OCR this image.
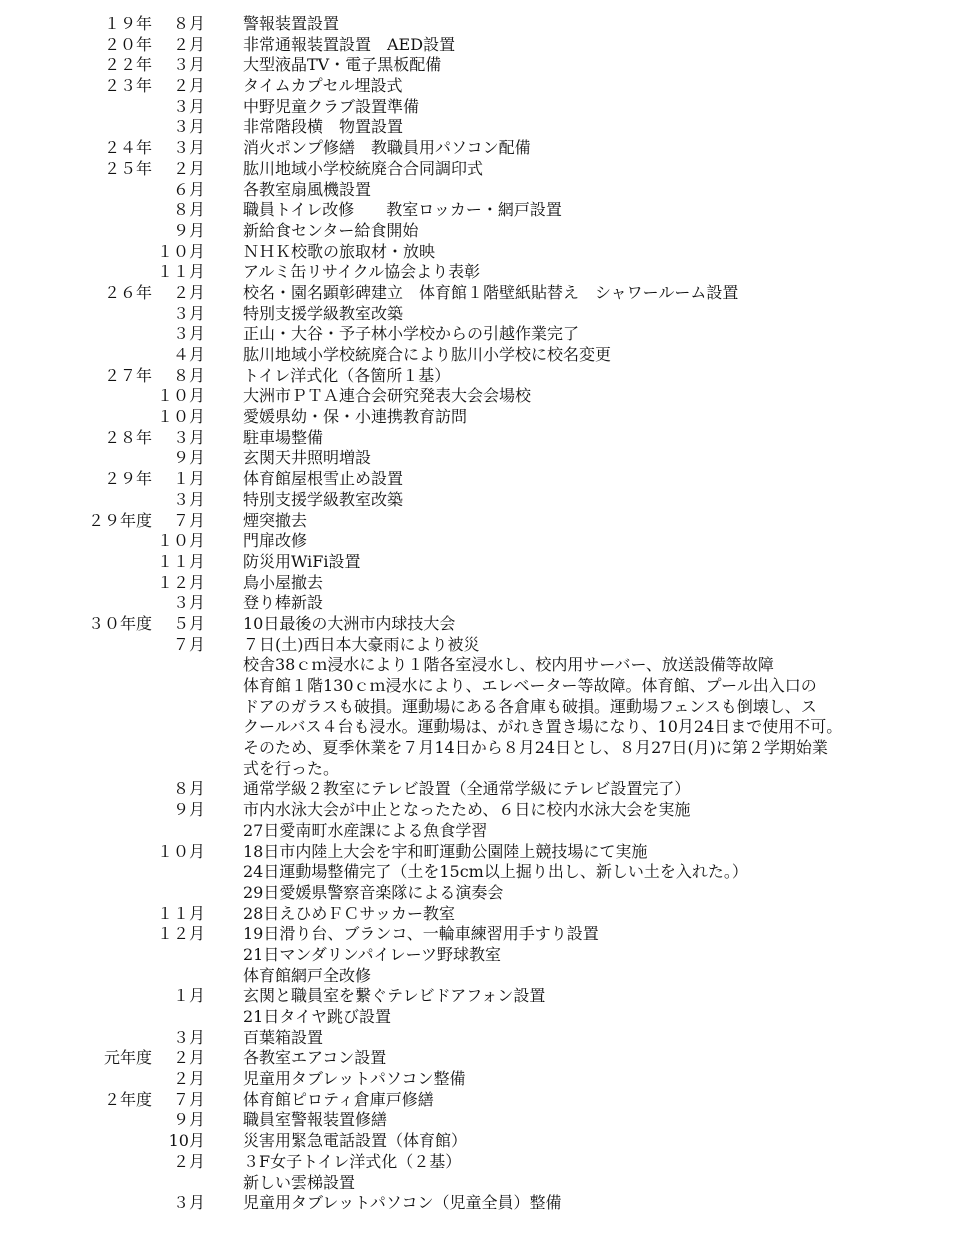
１９年	８月 警報装置設置
２０年	２月 非常通報装置設置　AED設置
２２年	３月 大型液晶TV・電子黒板配備
２３年	２月 タイムカプセル埋設式
３月 中野児童クラブ設置準備
３月 非常階段横　物置設置
２４年	３月 消火ポンプ修繕　教職員用パソコン配備
２５年	２月 肱川地域小学校統廃合合同調印式
６月 各教室扇風機設置
８月 職員トイレ改修　　教室ロッカー・網戸設置
９月 新給食センター給食開始
１０月 ＮＨＫ校歌の旅取材・放映
１１月 アルミ缶リサイクル協会より表彰
２６年	２月 校名・園名顕彰碑建立　体育館１階壁紙貼替え　シャワールーム設置
３月 特別支援学級教室改築
３月 正山・大谷・予子林小学校からの引越作業完了
４月 肱川地域小学校統廃合により肱川小学校に校名変更
２７年	８月 トイレ洋式化（各箇所１基）
１０月 大洲市ＰＴＡ連合会研究発表大会会場校
１０月 愛媛県幼・保・小連携教育訪問
２８年	３月 駐車場整備
９月 玄関天井照明増設
２９年	１月 体育館屋根雪止め設置
３月 特別支援学級教室改築
２９年度	７月 煙突撤去
１０月 門扉改修
１１月 防災用WiFi設置
１２月 鳥小屋撤去
３月 登り棒新設
３０年度	５月 10日最後の大洲市内球技大会
７月 ７日(土)西日本大豪雨により被災
校舎38ｃｍ浸水により１階各室浸水し、校内用サーバー、放送設備等故障
体育館１階130ｃｍ浸水により、エレベーター等故障。体育館、プール出入口の
ドアのガラスも破損。運動場にある各倉庫も破損。運動場フェンスも倒壊し、ス
クールバス４台も浸水。運動場は、がれき置き場になり、10月24日まで使用不可。
そのため、夏季休業を７月14日から８月24日とし、８月27日(月)に第２学期始業
式を行った。
８月 通常学級２教室にテレビ設置（全通常学級にテレビ設置完了）
９月 市内水泳大会が中止となったため、６日に校内水泳大会を実施
27日愛南町水産課による魚食学習
１０月 18日市内陸上大会を宇和町運動公園陸上競技場にて実施
24日運動場整備完了（土を15cm以上掘り出し、新しい土を入れた。）
29日愛媛県警察音楽隊による演奏会
１１月 28日えひめＦＣサッカー教室
１２月 19日滑り台、ブランコ、一輪車練習用手すり設置
21日マンダリンパイレーツ野球教室
体育館網戸全改修
１月 玄関と職員室を繋ぐテレビドアフォン設置
21日タイヤ跳び設置
３月 百葉箱設置
元年度	２月 各教室エアコン設置
２月 児童用タブレットパソコン整備
２年度	７月 体育館ピロティ倉庫戸修繕
９月 職員室警報装置修繕
10月 災害用緊急電話設置（体育館）
２月 ３F女子トイレ洋式化（２基）
新しい雲梯設置
３月 児童用タブレットパソコン（児童全員）整備
